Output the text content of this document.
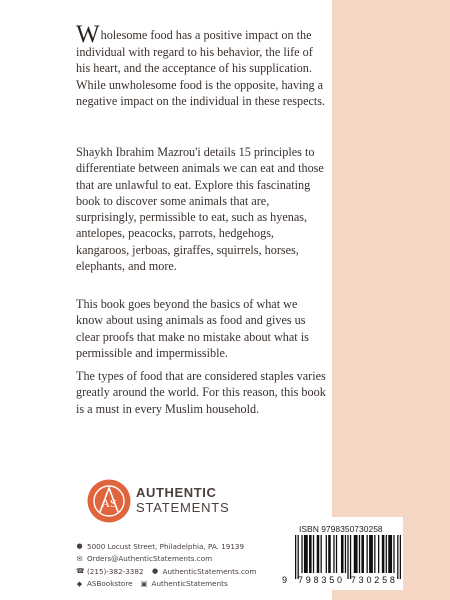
Wholesome food has a positive impact on the individual with regard to his behavior, the life of his heart, and the acceptance of his supplication. While unwholesome food is the opposite, having a negative impact on the individual in these respects.

Shaykh Ibrahim Mazrou'i details 15 principles to differentiate between animals we can eat and those that are unlawful to eat. Explore this fascinating book to discover some animals that are, surprisingly, permissible to eat, such as hyenas, antelopes, peacocks, parrots, hedgehogs, kangaroos, jerboas, giraffes, squirrels, horses, elephants, and more.

This book goes beyond the basics of what we know about using animals as food and gives us clear proofs that make no mistake about what is permissible and impermissible.

The types of food that are considered staples varies greatly around the world. For this reason, this book is a must in every Muslim household.

AS
AUTHENTIC
STATEMENTS
● 5000 Locust Street, Philadelphia, PA. 19139
✉ Orders@AuthenticStatements.com
☎ (215)-382-3382 ● AuthenticStatements.com
◆ ASBookstore ▣ AuthenticStatements
ISBN 9798350730258
9 798350 730258
